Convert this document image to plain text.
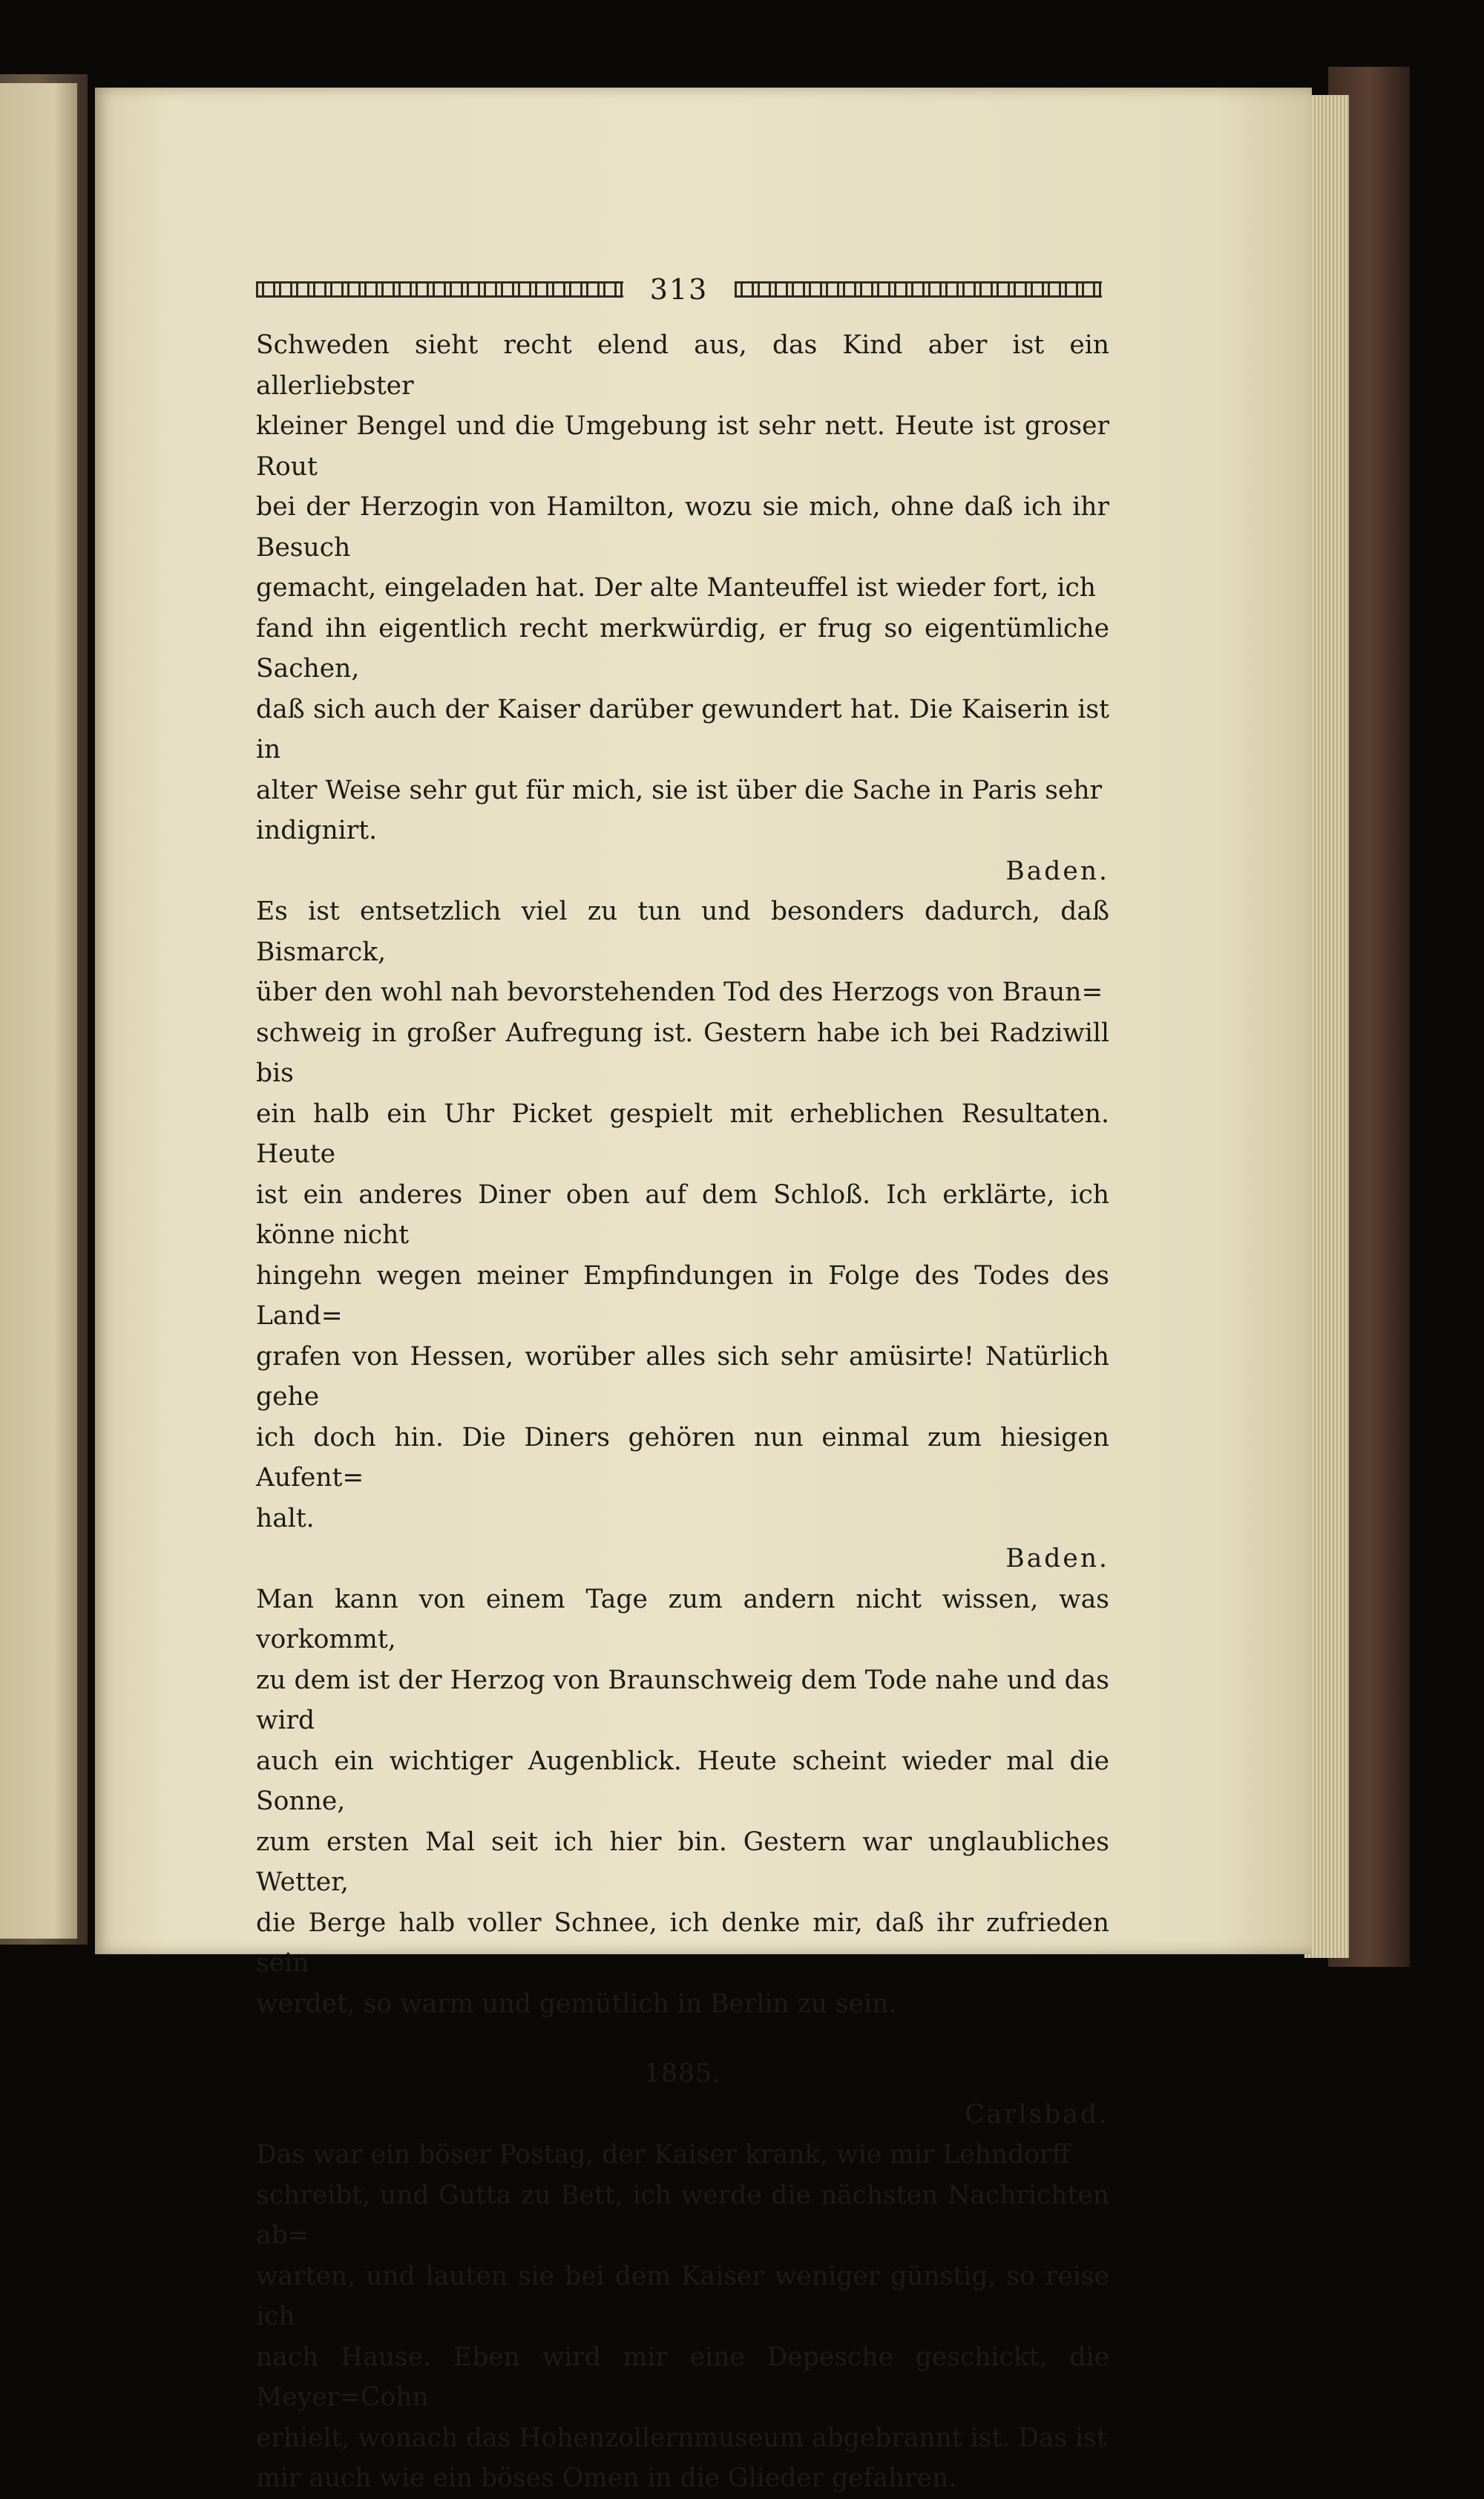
313
Schweden sieht recht elend aus, das Kind aber ist ein allerliebster
kleiner Bengel und die Umgebung ist sehr nett. Heute ist groser Rout
bei der Herzogin von Hamilton, wozu sie mich, ohne daß ich ihr Besuch
gemacht, eingeladen hat. Der alte Manteuffel ist wieder fort, ich
fand ihn eigentlich recht merkwürdig, er frug so eigentümliche Sachen,
daß sich auch der Kaiser darüber gewundert hat. Die Kaiserin ist in
alter Weise sehr gut für mich, sie ist über die Sache in Paris sehr
indignirt.

Baden.

Es ist entsetzlich viel zu tun und besonders dadurch, daß Bismarck,
über den wohl nah bevorstehenden Tod des Herzogs von Braun=
schweig in großer Aufregung ist. Gestern habe ich bei Radziwill bis
ein halb ein Uhr Picket gespielt mit erheblichen Resultaten. Heute
ist ein anderes Diner oben auf dem Schloß. Ich erklärte, ich könne nicht
hingehn wegen meiner Empfindungen in Folge des Todes des Land=
grafen von Hessen, worüber alles sich sehr amüsirte! Natürlich gehe
ich doch hin. Die Diners gehören nun einmal zum hiesigen Aufent=
halt.

Baden.

Man kann von einem Tage zum andern nicht wissen, was vorkommt,
zu dem ist der Herzog von Braunschweig dem Tode nahe und das wird
auch ein wichtiger Augenblick. Heute scheint wieder mal die Sonne,
zum ersten Mal seit ich hier bin. Gestern war unglaubliches Wetter,
die Berge halb voller Schnee, ich denke mir, daß ihr zufrieden sein
werdet, so warm und gemütlich in Berlin zu sein.

1885.

Carlsbad.

Das war ein böser Postag, der Kaiser krank, wie mir Lehndorff
schreibt, und Gutta zu Bett, ich werde die nächsten Nachrichten ab=
warten, und lauten sie bei dem Kaiser weniger günstig, so reise ich
nach Hause. Eben wird mir eine Depesche geschickt, die Meyer=Cohn
erhielt, wonach das Hohenzollernmuseum abgebrannt ist. Das ist
mir auch wie ein böses Omen in die Glieder gefahren.
